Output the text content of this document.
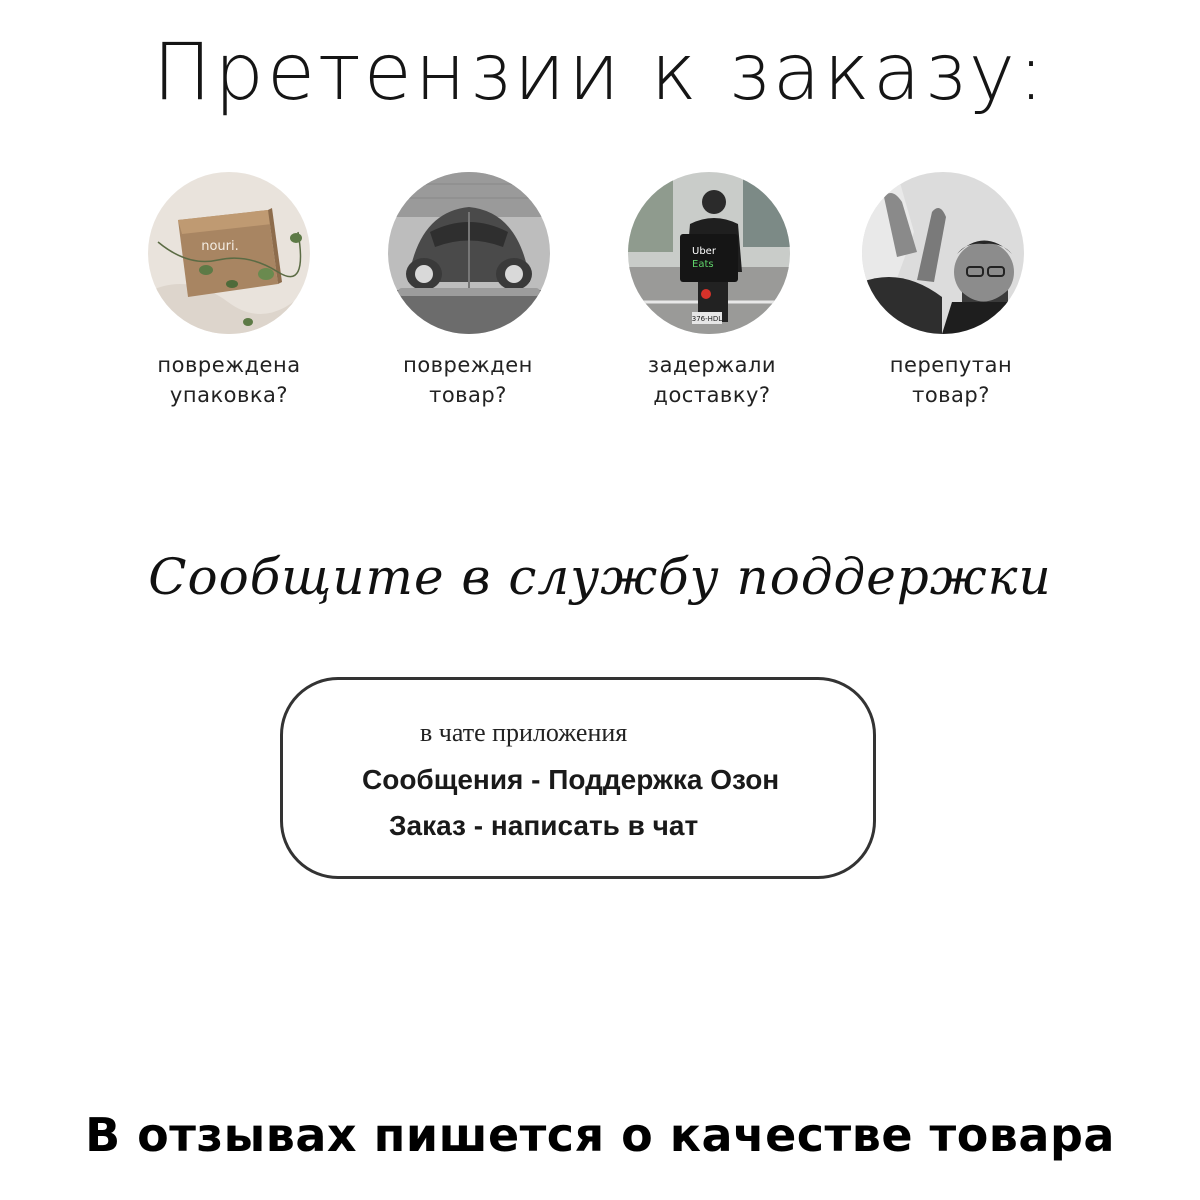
Претензии к заказу:
nouri.	Uber
Eats
376-HDL
повреждена
упаковка?
поврежден
товар?
задержали
доставку?
перепутан
товар?
Сообщите в службу поддержки
в чате приложения
Сообщения - Поддержка Озон
Заказ - написать в чат
В отзывах пишется о качестве товара
